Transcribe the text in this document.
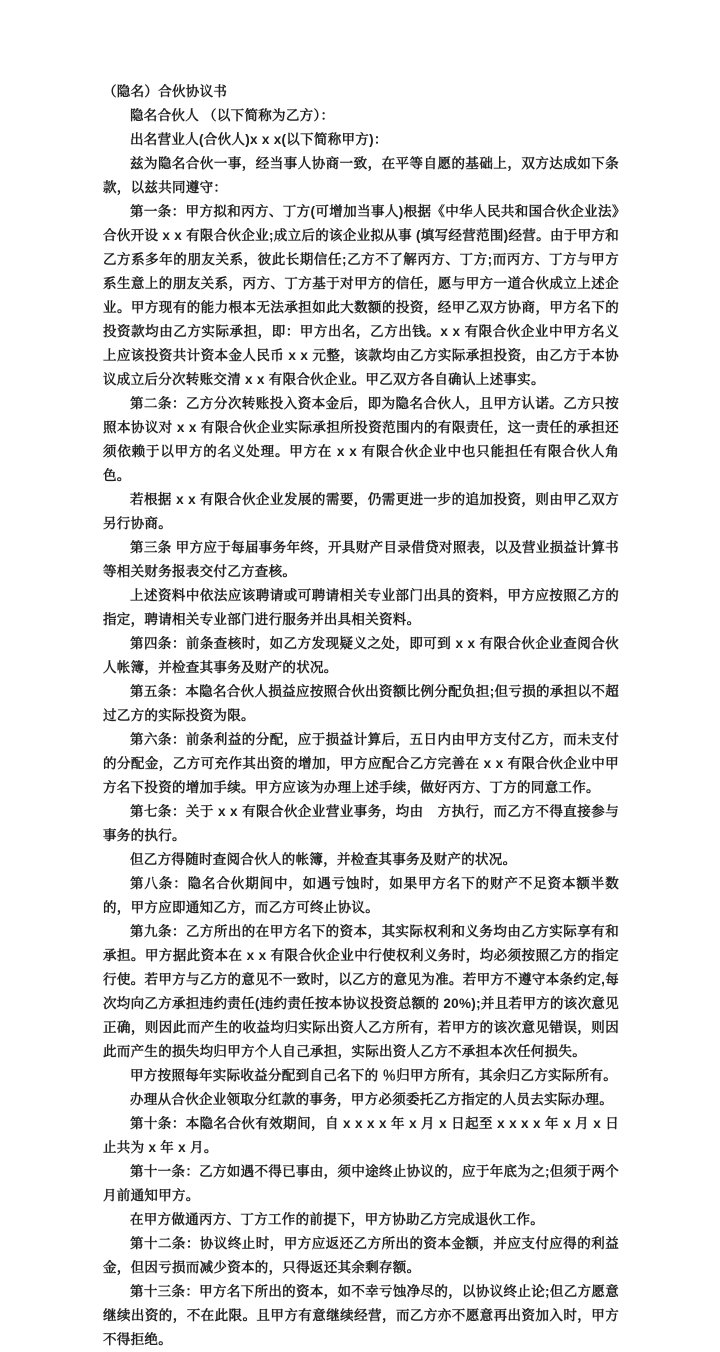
（隐名）合伙协议书

隐名合伙人 （以下简称为乙方）：

出名营业人(合伙人)x x x(以下简称甲方)：

兹为隐名合伙一事，经当事人协商一致，在平等自愿的基础上，双方达成如下条款，以兹共同遵守：

第一条：甲方拟和丙方、丁方(可增加当事人)根据《中华人民共和国合伙企业法》合伙开设 x x 有限合伙企业;成立后的该企业拟从事 (填写经营范围)经营。由于甲方和乙方系多年的朋友关系，彼此长期信任;乙方不了解丙方、丁方;而丙方、丁方与甲方系生意上的朋友关系，丙方、丁方基于对甲方的信任，愿与甲方一道合伙成立上述企业。甲方现有的能力根本无法承担如此大数额的投资，经甲乙双方协商，甲方名下的投资款均由乙方实际承担，即：甲方出名，乙方出钱。x x 有限合伙企业中甲方名义上应该投资共计资本金人民币 x x 元整，该款均由乙方实际承担投资，由乙方于本协议成立后分次转账交清 x x 有限合伙企业。甲乙双方各自确认上述事实。

第二条：乙方分次转账投入资本金后，即为隐名合伙人，且甲方认诺。乙方只按照本协议对 x x 有限合伙企业实际承担所投资范围内的有限责任，这一责任的承担还须依赖于以甲方的名义处理。甲方在 x x 有限合伙企业中也只能担任有限合伙人角色。

若根据 x x 有限合伙企业发展的需要，仍需更进一步的追加投资，则由甲乙双方另行协商。

第三条 甲方应于每届事务年终，开具财产目录借贷对照表，以及营业损益计算书等相关财务报表交付乙方查核。

上述资料中依法应该聘请或可聘请相关专业部门出具的资料，甲方应按照乙方的指定，聘请相关专业部门进行服务并出具相关资料。

第四条：前条查核时，如乙方发现疑义之处，即可到 x x 有限合伙企业查阅合伙人帐簿，并检查其事务及财产的状况。

第五条：本隐名合伙人损益应按照合伙出资额比例分配负担;但亏损的承担以不超过乙方的实际投资为限。

第六条：前条利益的分配，应于损益计算后，五日内由甲方支付乙方，而未支付的分配金，乙方可充作其出资的增加，甲方应配合乙方完善在 x x 有限合伙企业中甲方名下投资的增加手续。甲方应该为办理上述手续，做好丙方、丁方的同意工作。

第七条：关于 x x 有限合伙企业营业事务，均由　方执行，而乙方不得直接参与事务的执行。

但乙方得随时查阅合伙人的帐簿，并检查其事务及财产的状况。

第八条：隐名合伙期间中，如遇亏蚀时，如果甲方名下的财产不足资本额半数的，甲方应即通知乙方，而乙方可终止协议。

第九条：乙方所出的在甲方名下的资本，其实际权利和义务均由乙方实际享有和承担。甲方据此资本在 x x 有限合伙企业中行使权利义务时，均必须按照乙方的指定行使。若甲方与乙方的意见不一致时，以乙方的意见为准。若甲方不遵守本条约定,每次均向乙方承担违约责任(违约责任按本协议投资总额的 20%);并且若甲方的该次意见正确，则因此而产生的收益均归实际出资人乙方所有，若甲方的该次意见错误，则因此而产生的损失均归甲方个人自己承担，实际出资人乙方不承担本次任何损失。

甲方按照每年实际收益分配到自己名下的 ％归甲方所有，其余归乙方实际所有。

办理从合伙企业领取分红款的事务，甲方必须委托乙方指定的人员去实际办理。

第十条：本隐名合伙有效期间，自 x x x x 年 x 月 x 日起至 x x x x 年 x 月 x 日止共为 x 年 x 月。

第十一条：乙方如遇不得已事由，须中途终止协议的，应于年底为之;但须于两个月前通知甲方。

在甲方做通丙方、丁方工作的前提下，甲方协助乙方完成退伙工作。

第十二条：协议终止时，甲方应返还乙方所出的资本金额，并应支付应得的利益金，但因亏损而减少资本的，只得返还其余剩存额。

第十三条：甲方名下所出的资本，如不幸亏蚀净尽的，以协议终止论;但乙方愿意继续出资的，不在此限。且甲方有意继续经营，而乙方亦不愿意再出资加入时，甲方不得拒绝。
